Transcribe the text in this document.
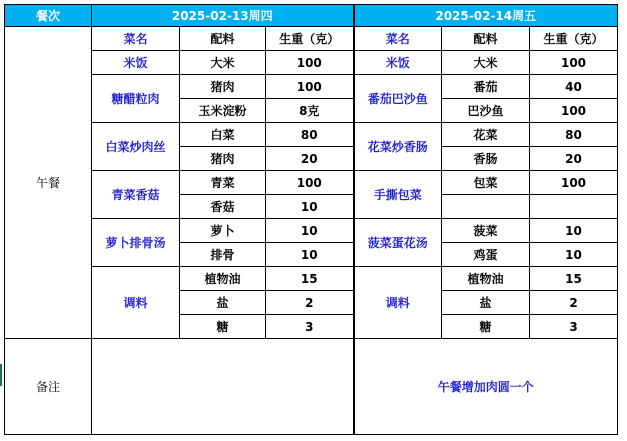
餐次	2025-02-13周四			2025-02-14周五		
午餐	菜名	配料	生重（克）	菜名	配料	生重（克）
	米饭	大米	100	米饭	大米	100
	糖醋粒肉	猪肉	100	番茄巴沙鱼	番茄	40
		玉米淀粉	8克		巴沙鱼	100
	白菜炒肉丝	白菜	80	花菜炒香肠	花菜	80
		猪肉	20		香肠	20
	青菜香菇	青菜	100	手撕包菜	包菜	100
		香菇	10			
	萝卜排骨汤	萝卜	10	菠菜蛋花汤	菠菜	10
		排骨	10		鸡蛋	10
	调料	植物油	15	调料	植物油	15
		盐	2		盐	2
		糖	3		糖	3
备注				午餐增加肉圆一个		
